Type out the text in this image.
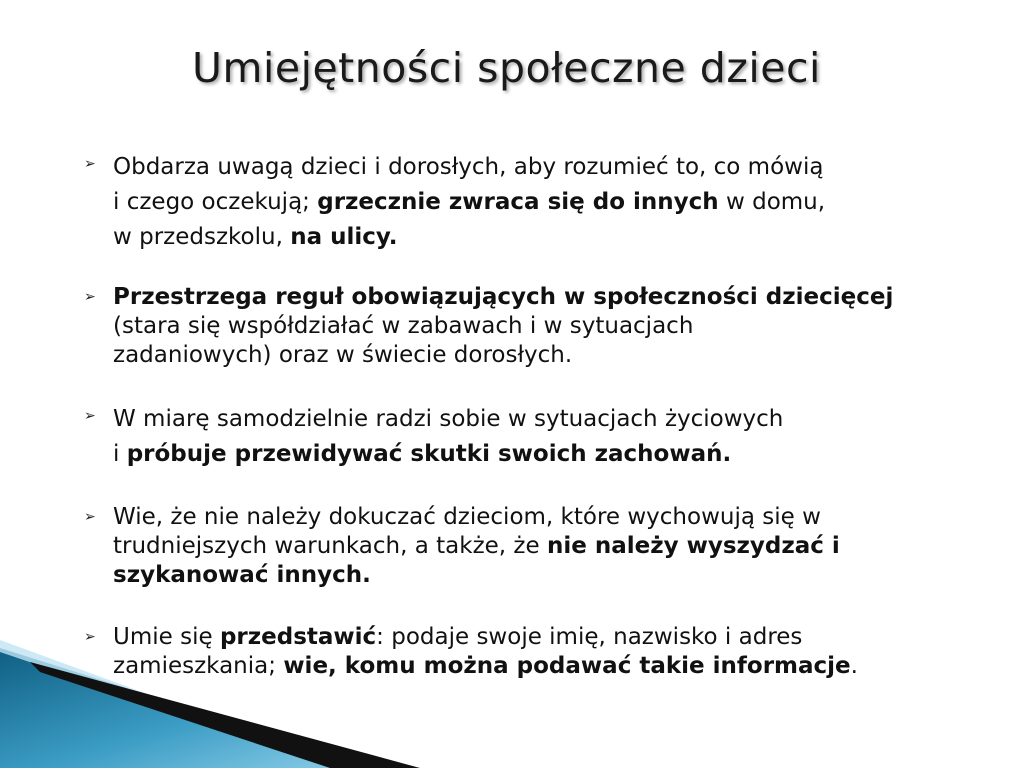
Umiejętności społeczne dzieci
➢ Obdarza uwagą dzieci i dorosłych, aby rozumieć to, co mówią
i czego oczekują; grzecznie zwraca się do innych w domu,
w przedszkolu, na ulicy.
➢ Przestrzega reguł obowiązujących w społeczności dziecięcej
(stara się współdziałać w zabawach i w sytuacjach
zadaniowych) oraz w świecie dorosłych.
➢ W miarę samodzielnie radzi sobie w sytuacjach życiowych
i próbuje przewidywać skutki swoich zachowań.
➢ Wie, że nie należy dokuczać dzieciom, które wychowują się w
trudniejszych warunkach, a także, że nie należy wyszydzać i
szykanować innych.
➢ Umie się przedstawić: podaje swoje imię, nazwisko i adres
zamieszkania; wie, komu można podawać takie informacje.
